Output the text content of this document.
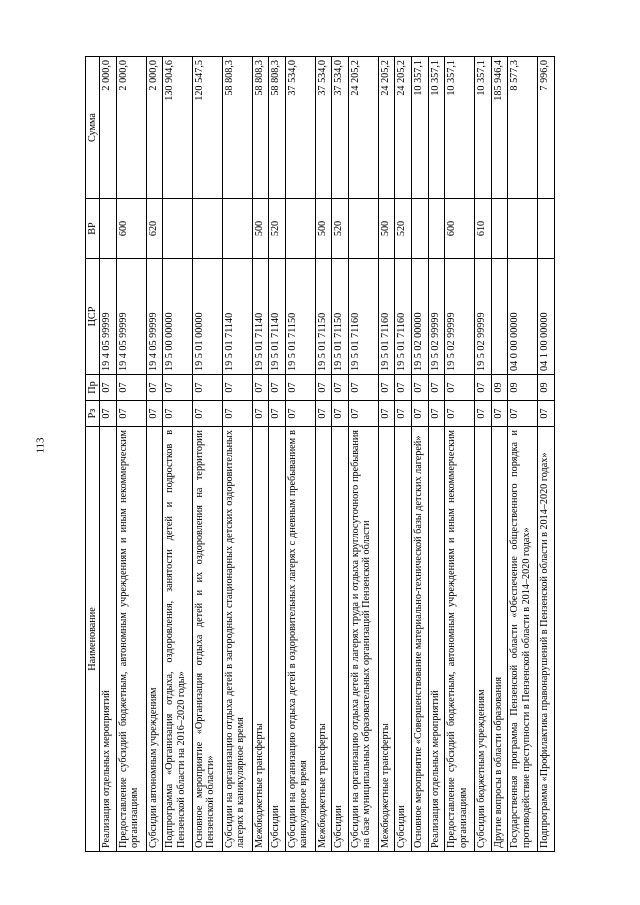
113
Наименование	Рз	Пр	ЦСР	ВР	Сумма
Реализация отдельных мероприятий	07	07	19 4 05 99999		2 000,0
Предоставление субсидий бюджетным, автономным учреждениям и иным некоммерческим организациям	07	07	19 4 05 99999	600	2 000,0
Субсидии автономным учреждениям	07	07	19 4 05 99999	620	2 000,0
Подпрограмма «Организация отдыха, оздоровления, занятости детей и подростков в Пензенской области на 2016–2020 годы»	07	07	19 5 00 00000		130 904,6
Основное мероприятие «Организация отдыха детей и их оздоровления на территории Пензенской области»	07	07	19 5 01 00000		120 547,5
Субсидии на организацию отдыха детей в загородных стационарных детских оздоровительных лагерях в каникулярное время	07	07	19 5 01 71140		58 808,3
Межбюджетные трансферты	07	07	19 5 01 71140	500	58 808,3
Субсидии	07	07	19 5 01 71140	520	58 808,3
Субсидии на организацию отдыха детей в оздоровительных лагерях с дневным пребыванием в каникулярное время	07	07	19 5 01 71150		37 534,0
Межбюджетные трансферты	07	07	19 5 01 71150	500	37 534,0
Субсидии	07	07	19 5 01 71150	520	37 534,0
Субсидии на организацию отдыха детей в лагерях труда и отдыха круглосуточного пребывания на базе муниципальных образовательных организаций Пензенской области	07	07	19 5 01 71160		24 205,2
Межбюджетные трансферты	07	07	19 5 01 71160	500	24 205,2
Субсидии	07	07	19 5 01 71160	520	24 205,2
Основное мероприятие «Совершенствование материально-технической базы детских лагерей»	07	07	19 5 02 00000		10 357,1
Реализация отдельных мероприятий	07	07	19 5 02 99999		10 357,1
Предоставление субсидий бюджетным, автономным учреждениям и иным некоммерческим организациям	07	07	19 5 02 99999	600	10 357,1
Субсидии бюджетным учреждениям	07	07	19 5 02 99999	610	10 357,1
Другие вопросы в области образования	07	09			185 946,4
Государственная программа Пензенской области «Обеспечение общественного порядка и противодействие преступности в Пензенской области в 2014–2020 годах»	07	09	04 0 00 00000		8 577,3
Подпрограмма «Профилактика правонарушений в Пензенской области в 2014–2020 годах»	07	09	04 1 00 00000		7 996,0
